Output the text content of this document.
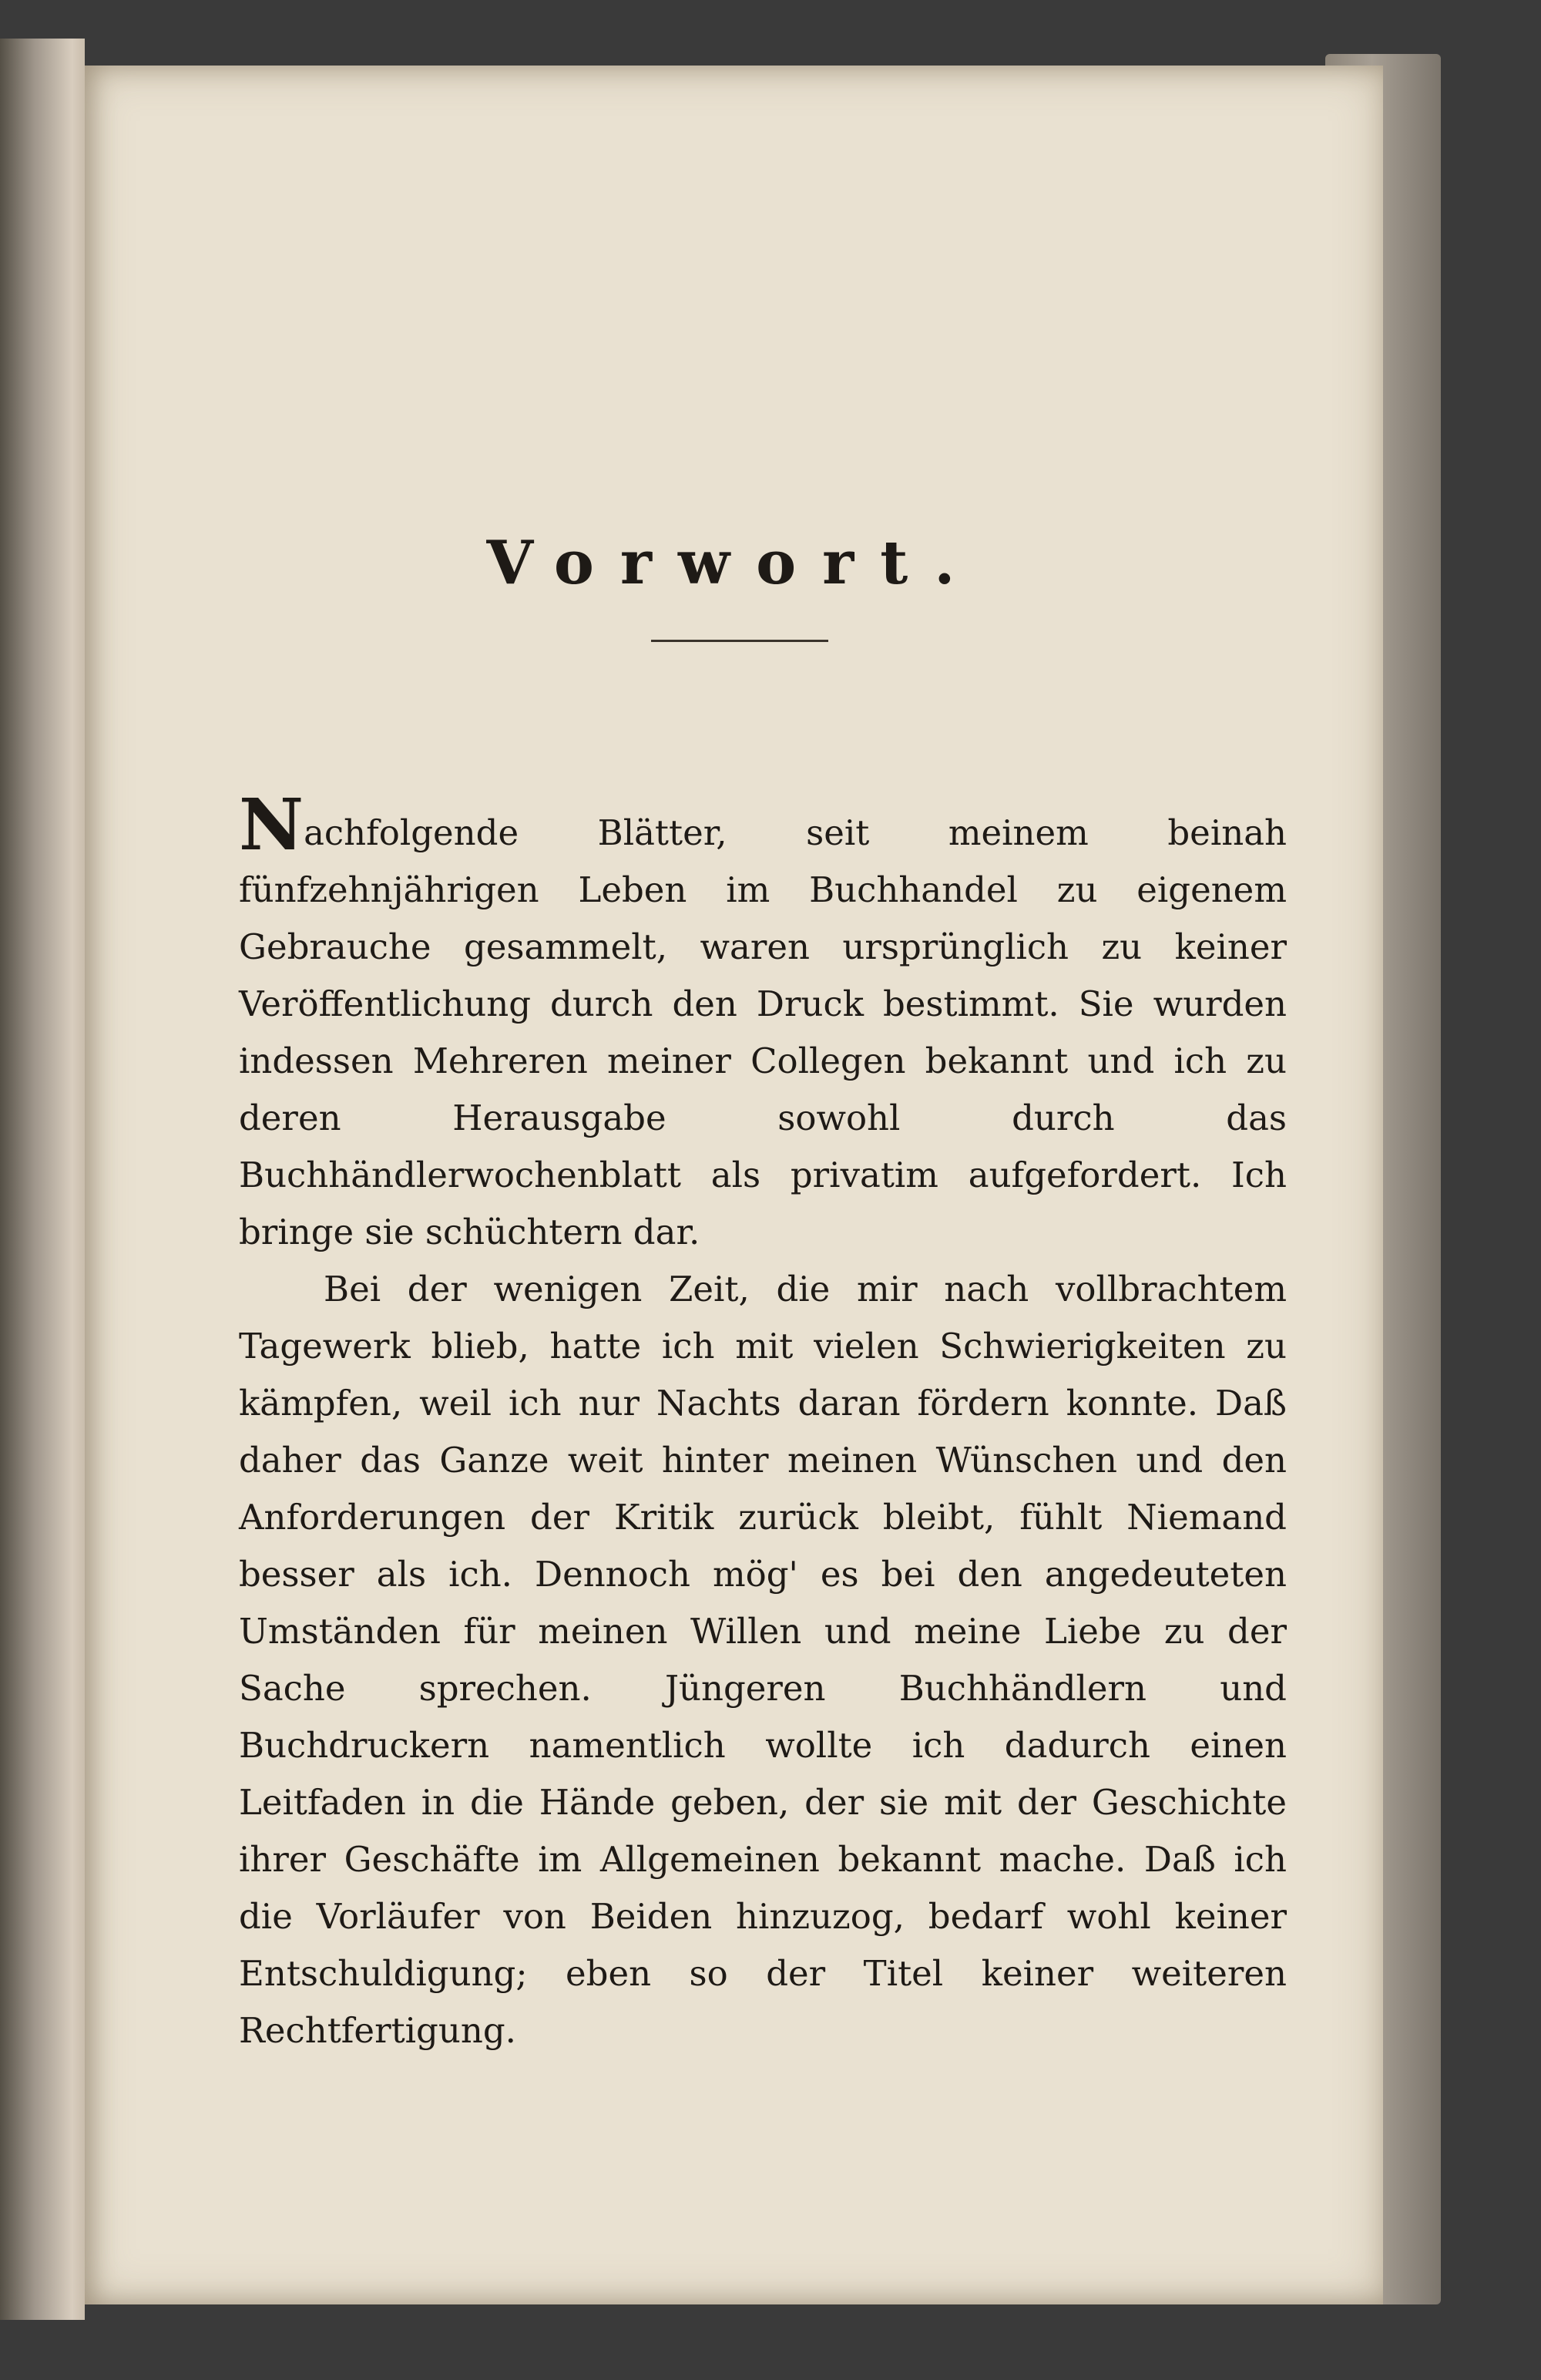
Vorwort.

Nachfolgende Blätter, seit meinem beinah fünfzehnjährigen Leben im Buchhandel zu eigenem Gebrauche gesammelt, waren ursprünglich zu keiner Veröffentlichung durch den Druck bestimmt. Sie wurden indessen Mehreren meiner Collegen bekannt und ich zu deren Herausgabe sowohl durch das Buchhändlerwochenblatt als privatim aufgefordert. Ich bringe sie schüchtern dar.

Bei der wenigen Zeit, die mir nach vollbrachtem Tagewerk blieb, hatte ich mit vielen Schwierigkeiten zu kämpfen, weil ich nur Nachts daran fördern konnte. Daß daher das Ganze weit hinter meinen Wünschen und den Anforderungen der Kritik zurück bleibt, fühlt Niemand besser als ich. Dennoch mög' es bei den angedeuteten Umständen für meinen Willen und meine Liebe zu der Sache sprechen. Jüngeren Buchhändlern und Buchdruckern namentlich wollte ich dadurch einen Leitfaden in die Hände geben, der sie mit der Geschichte ihrer Geschäfte im Allgemeinen bekannt mache. Daß ich die Vorläufer von Beiden hinzuzog, bedarf wohl keiner Entschuldigung; eben so der Titel keiner weiteren Rechtfertigung.
